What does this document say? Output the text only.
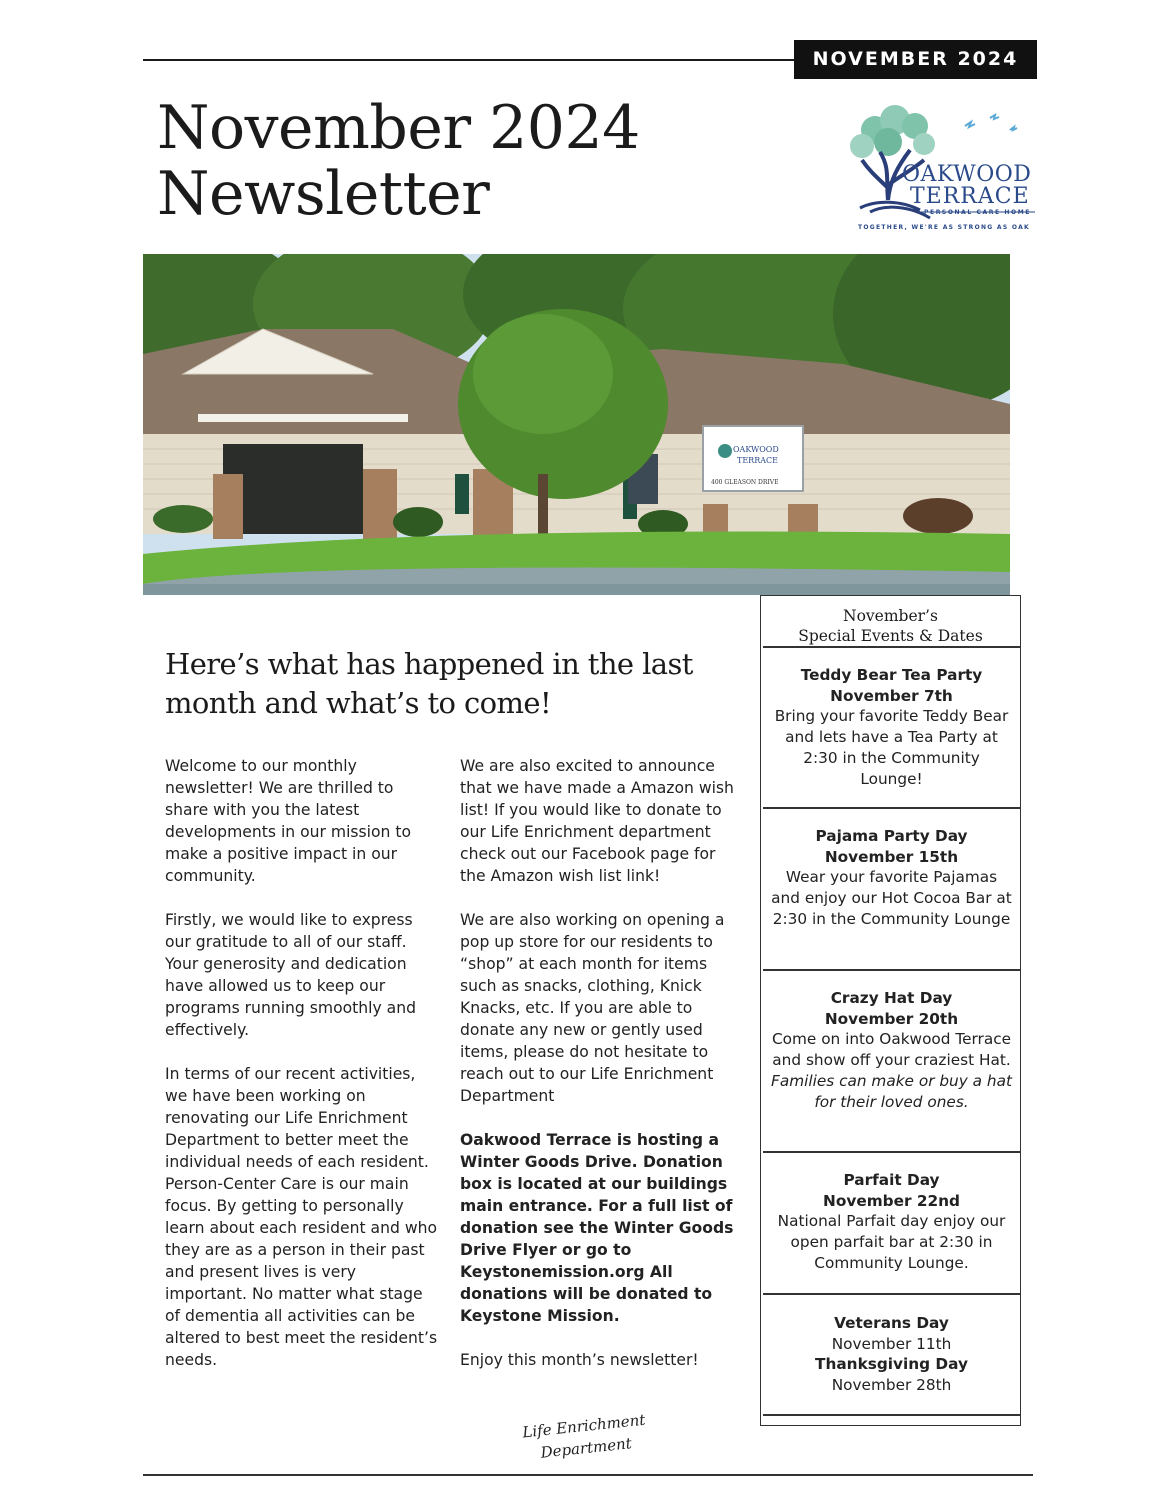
NOVEMBER 2024
November 2024
Newsletter	OAKWOOD
TERRACE
PERSONAL CARE HOME
TOGETHER, WE'RE AS STRONG AS OAK
OAKWOOD
TERRACE
400 GLEASON DRIVE
Here’s what has happened in the last
month and what’s to come!

Welcome to our monthly newsletter! We are thrilled to share with you the latest developments in our mission to make a positive impact in our community.

Firstly, we would like to express our gratitude to all of our staff. Your generosity and dedication have allowed us to keep our programs running smoothly and effectively.

In terms of our recent activities, we have been working on renovating our Life Enrichment Department to better meet the individual needs of each resident. Person-Center Care is our main focus. By getting to personally learn about each resident and who they are as a person in their past and present lives is very important. No matter what stage of dementia all activities can be altered to best meet the resident’s needs.

We are also excited to announce that we have made a Amazon wish list! If you would like to donate to our Life Enrichment department check out our Facebook page for the Amazon wish list link!

We are also working on opening a pop up store for our residents to “shop” at each month for items such as snacks, clothing, Knick Knacks, etc. If you are able to donate any new or gently used items, please do not hesitate to reach out to our Life Enrichment Department

Oakwood Terrace is hosting a Winter Goods Drive. Donation box is located at our buildings main entrance. For a full list of donation see the Winter Goods Drive Flyer or go to Keystonemission.org All donations will be donated to Keystone Mission.

Enjoy this month’s newsletter!

Life Enrichment
Department
November’s
Special Events & Dates
Teddy Bear Tea Party
November 7th
Bring your favorite Teddy Bear and lets have a Tea Party at 2:30 in the Community Lounge!
Pajama Party Day
November 15th
Wear your favorite Pajamas and enjoy our Hot Cocoa Bar at 2:30 in the Community Lounge
Crazy Hat Day
November 20th
Come on into Oakwood Terrace and show off your craziest Hat.
Families can make or buy a hat for their loved ones.
Parfait Day
November 22nd
National Parfait day enjoy our open parfait bar at 2:30 in Community Lounge.
Veterans Day
November 11th
Thanksgiving Day
November 28th
